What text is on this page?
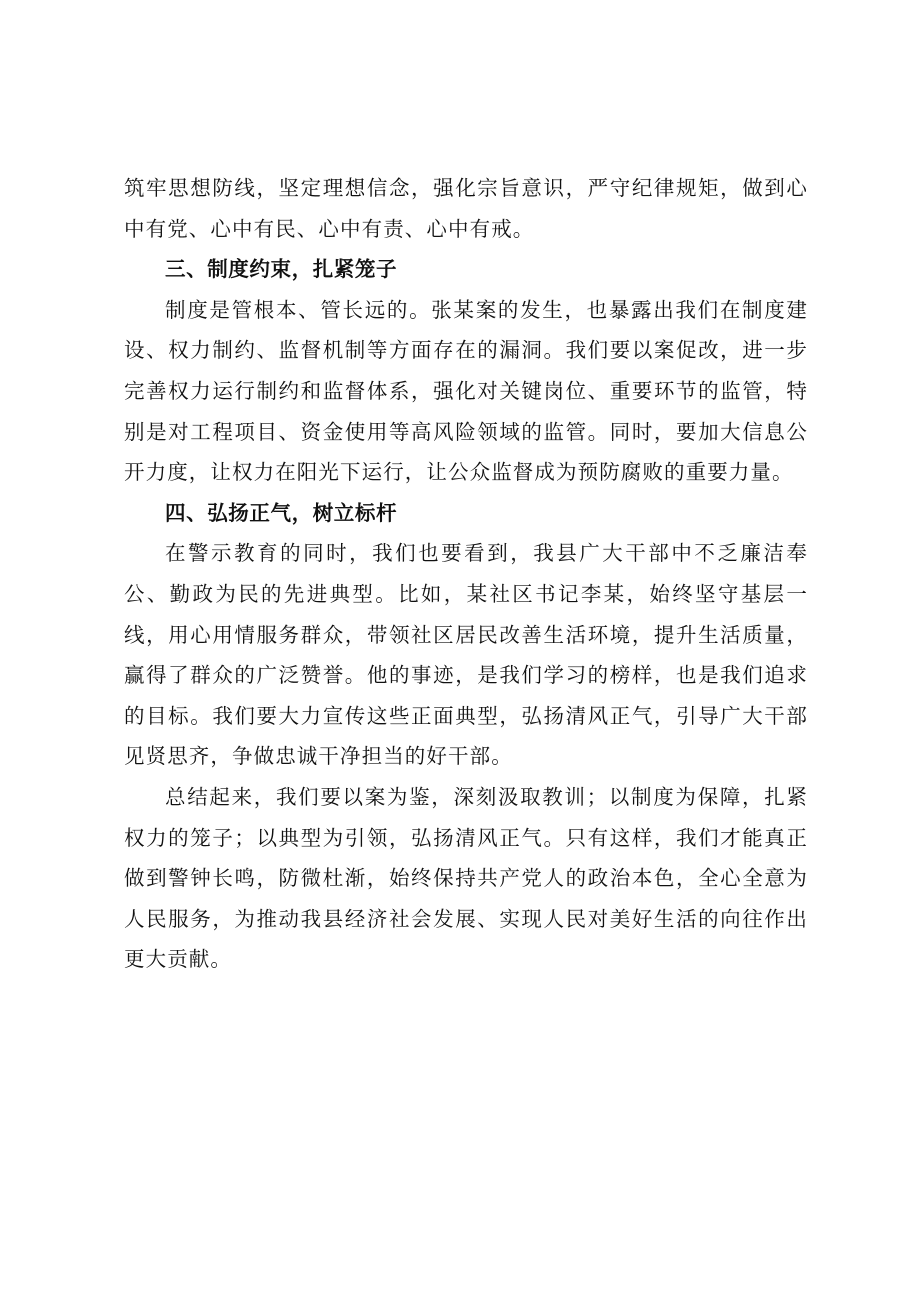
筑牢思想防线，坚定理想信念，强化宗旨意识，严守纪律规矩，做到心中有党、心中有民、心中有责、心中有戒。

三、制度约束，扎紧笼子

制度是管根本、管长远的。张某案的发生，也暴露出我们在制度建设、权力制约、监督机制等方面存在的漏洞。我们要以案促改，进一步完善权力运行制约和监督体系，强化对关键岗位、重要环节的监管，特别是对工程项目、资金使用等高风险领域的监管。同时，要加大信息公开力度，让权力在阳光下运行，让公众监督成为预防腐败的重要力量。

四、弘扬正气，树立标杆

在警示教育的同时，我们也要看到，我县广大干部中不乏廉洁奉公、勤政为民的先进典型。比如，某社区书记李某，始终坚守基层一线，用心用情服务群众，带领社区居民改善生活环境，提升生活质量，赢得了群众的广泛赞誉。他的事迹，是我们学习的榜样，也是我们追求的目标。我们要大力宣传这些正面典型，弘扬清风正气，引导广大干部见贤思齐，争做忠诚干净担当的好干部。

总结起来，我们要以案为鉴，深刻汲取教训；以制度为保障，扎紧权力的笼子；以典型为引领，弘扬清风正气。只有这样，我们才能真正做到警钟长鸣，防微杜渐，始终保持共产党人的政治本色，全心全意为人民服务，为推动我县经济社会发展、实现人民对美好生活的向往作出更大贡献。
